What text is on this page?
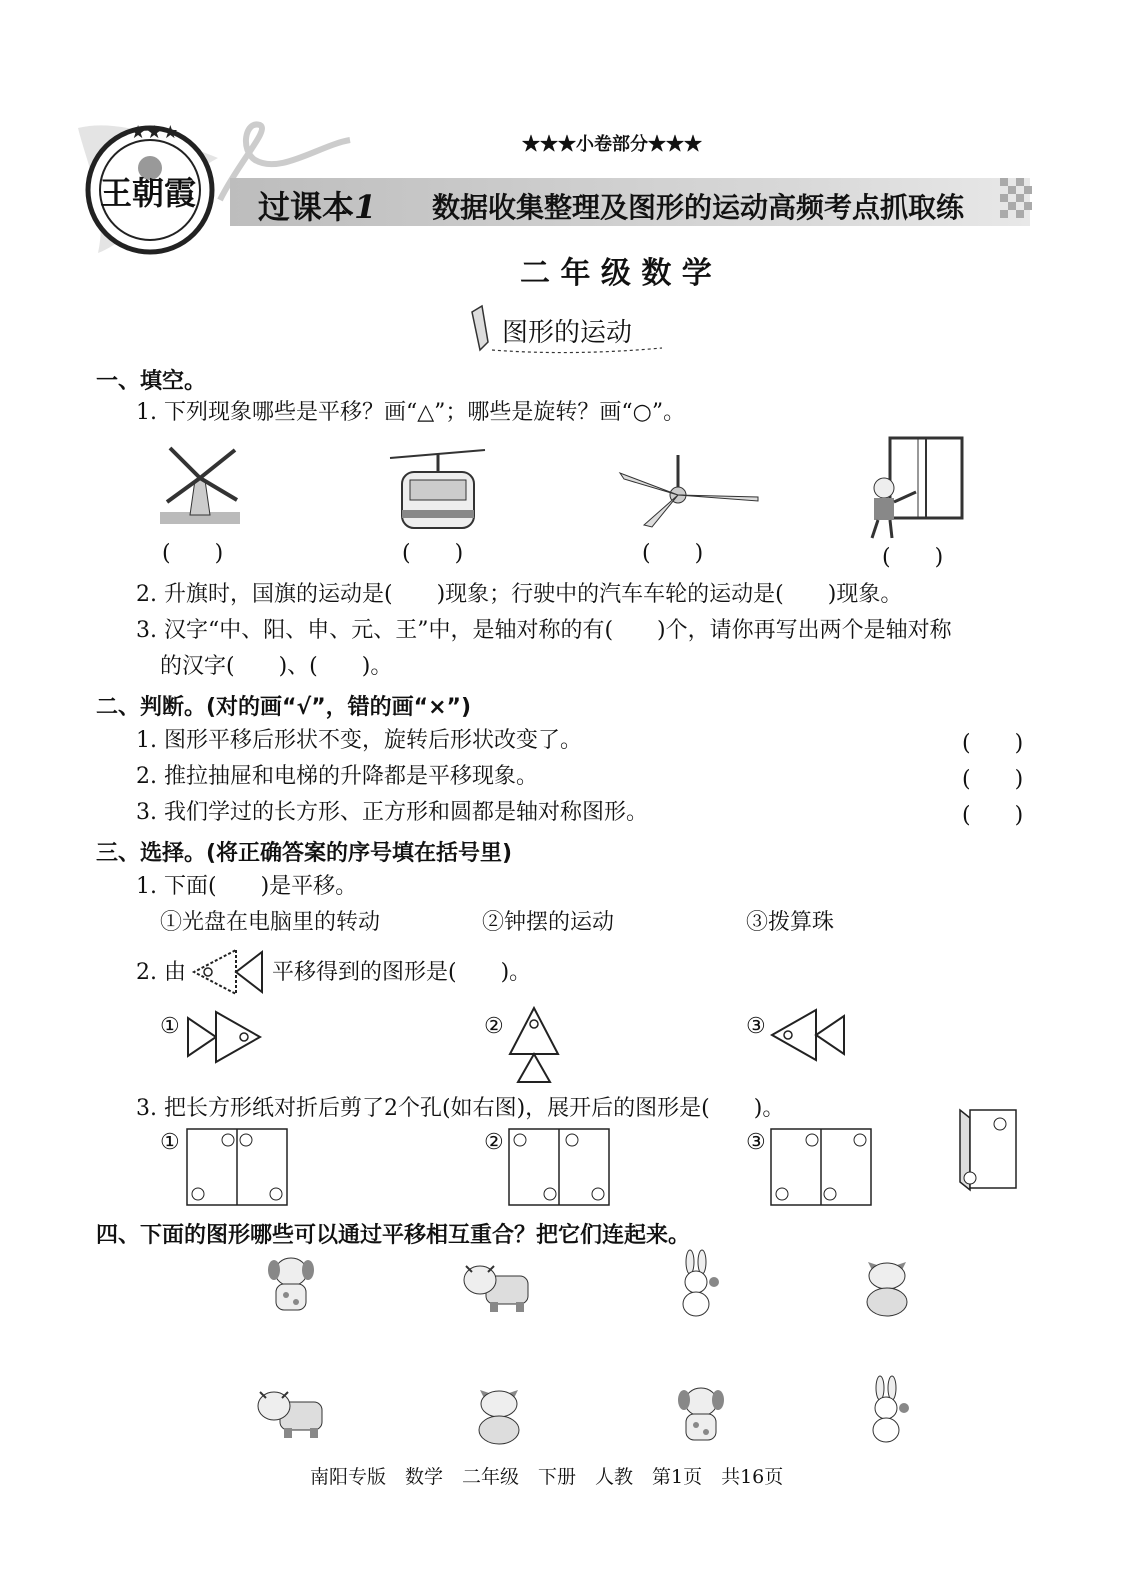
★★★
王朝霞
★★★小卷部分★★★
过课本1 数据收集整理及图形的运动高频考点抓取练
二 年 级 数 学
图形的运动
一、填空。
1. 下列现象哪些是平移？画“△”；哪些是旋转？画“○”。
(　　)	(　　)	(　　)	(　　)
2. 升旗时，国旗的运动是(　　)现象；行驶中的汽车车轮的运动是(　　)现象。
3. 汉字“中、阳、申、元、王”中，是轴对称的有(　　)个，请你再写出两个是轴对称
的汉字(　　)、(　　)。
二、判断。(对的画“√”，错的画“×”)
1. 图形平移后形状不变，旋转后形状改变了。	(　　)
2. 推拉抽屉和电梯的升降都是平移现象。	(　　)
3. 我们学过的长方形、正方形和圆都是轴对称图形。	(　　)
三、选择。(将正确答案的序号填在括号里)
1. 下面(　　)是平移。
①光盘在电脑里的转动	②钟摆的运动	③拨算珠
2. 由	平移得到的图形是(　　)。
①	②	③
3. 把长方形纸对折后剪了2个孔(如右图)，展开后的图形是(　　)。
①	②	③
四、下面的图形哪些可以通过平移相互重合？把它们连起来。
南阳专版　数学　二年级　下册　人教　第1页　共16页
